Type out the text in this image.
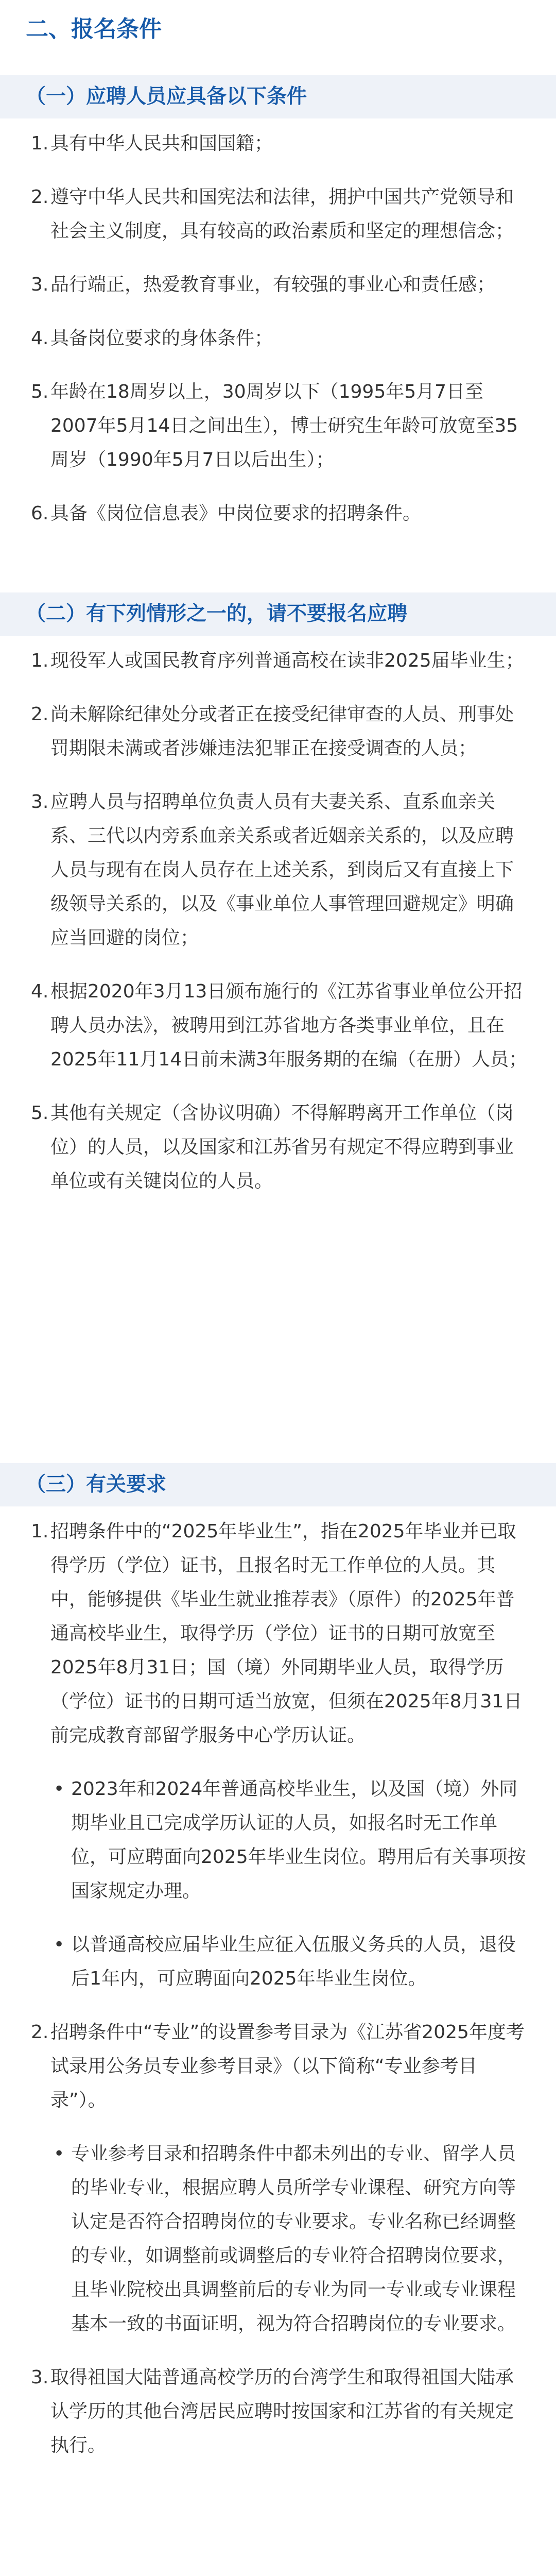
二、报名条件
（一）应聘人员应具备以下条件
1. 具有中华人民共和国国籍；
2. 遵守中华人民共和国宪法和法律，拥护中国共产党领导和社会主义制度，具有较高的政治素质和坚定的理想信念；
3. 品行端正，热爱教育事业，有较强的事业心和责任感；
4. 具备岗位要求的身体条件；
5. 年龄在18周岁以上，30周岁以下（1995年5月7日至2007年5月14日之间出生），博士研究生年龄可放宽至35周岁（1990年5月7日以后出生）；
6. 具备《岗位信息表》中岗位要求的招聘条件。
（二）有下列情形之一的，请不要报名应聘
1. 现役军人或国民教育序列普通高校在读非2025届毕业生；
2. 尚未解除纪律处分或者正在接受纪律审查的人员、刑事处罚期限未满或者涉嫌违法犯罪正在接受调查的人员；
3. 应聘人员与招聘单位负责人员有夫妻关系、直系血亲关系、三代以内旁系血亲关系或者近姻亲关系的，以及应聘人员与现有在岗人员存在上述关系，到岗后又有直接上下级领导关系的，以及《事业单位人事管理回避规定》明确应当回避的岗位；
4. 根据2020年3月13日颁布施行的《江苏省事业单位公开招聘人员办法》，被聘用到江苏省地方各类事业单位，且在2025年11月14日前未满3年服务期的在编（在册）人员；
5. 其他有关规定（含协议明确）不得解聘离开工作单位（岗位）的人员，以及国家和江苏省另有规定不得应聘到事业单位或有关键岗位的人员。
（三）有关要求
1. 招聘条件中的“2025年毕业生”，指在2025年毕业并已取得学历（学位）证书，且报名时无工作单位的人员。其中，能够提供《毕业生就业推荐表》（原件）的2025年普通高校毕业生，取得学历（学位）证书的日期可放宽至2025年8月31日；国（境）外同期毕业人员，取得学历（学位）证书的日期可适当放宽，但须在2025年8月31日前完成教育部留学服务中心学历认证。
• 2023年和2024年普通高校毕业生，以及国（境）外同期毕业且已完成学历认证的人员，如报名时无工作单位，可应聘面向2025年毕业生岗位。聘用后有关事项按国家规定办理。
• 以普通高校应届毕业生应征入伍服义务兵的人员，退役后1年内，可应聘面向2025年毕业生岗位。
2. 招聘条件中“专业”的设置参考目录为《江苏省2025年度考试录用公务员专业参考目录》（以下简称“专业参考目录”）。
• 专业参考目录和招聘条件中都未列出的专业、留学人员的毕业专业，根据应聘人员所学专业课程、研究方向等认定是否符合招聘岗位的专业要求。专业名称已经调整的专业，如调整前或调整后的专业符合招聘岗位要求，且毕业院校出具调整前后的专业为同一专业或专业课程基本一致的书面证明，视为符合招聘岗位的专业要求。
3. 取得祖国大陆普通高校学历的台湾学生和取得祖国大陆承认学历的其他台湾居民应聘时按国家和江苏省的有关规定执行。
